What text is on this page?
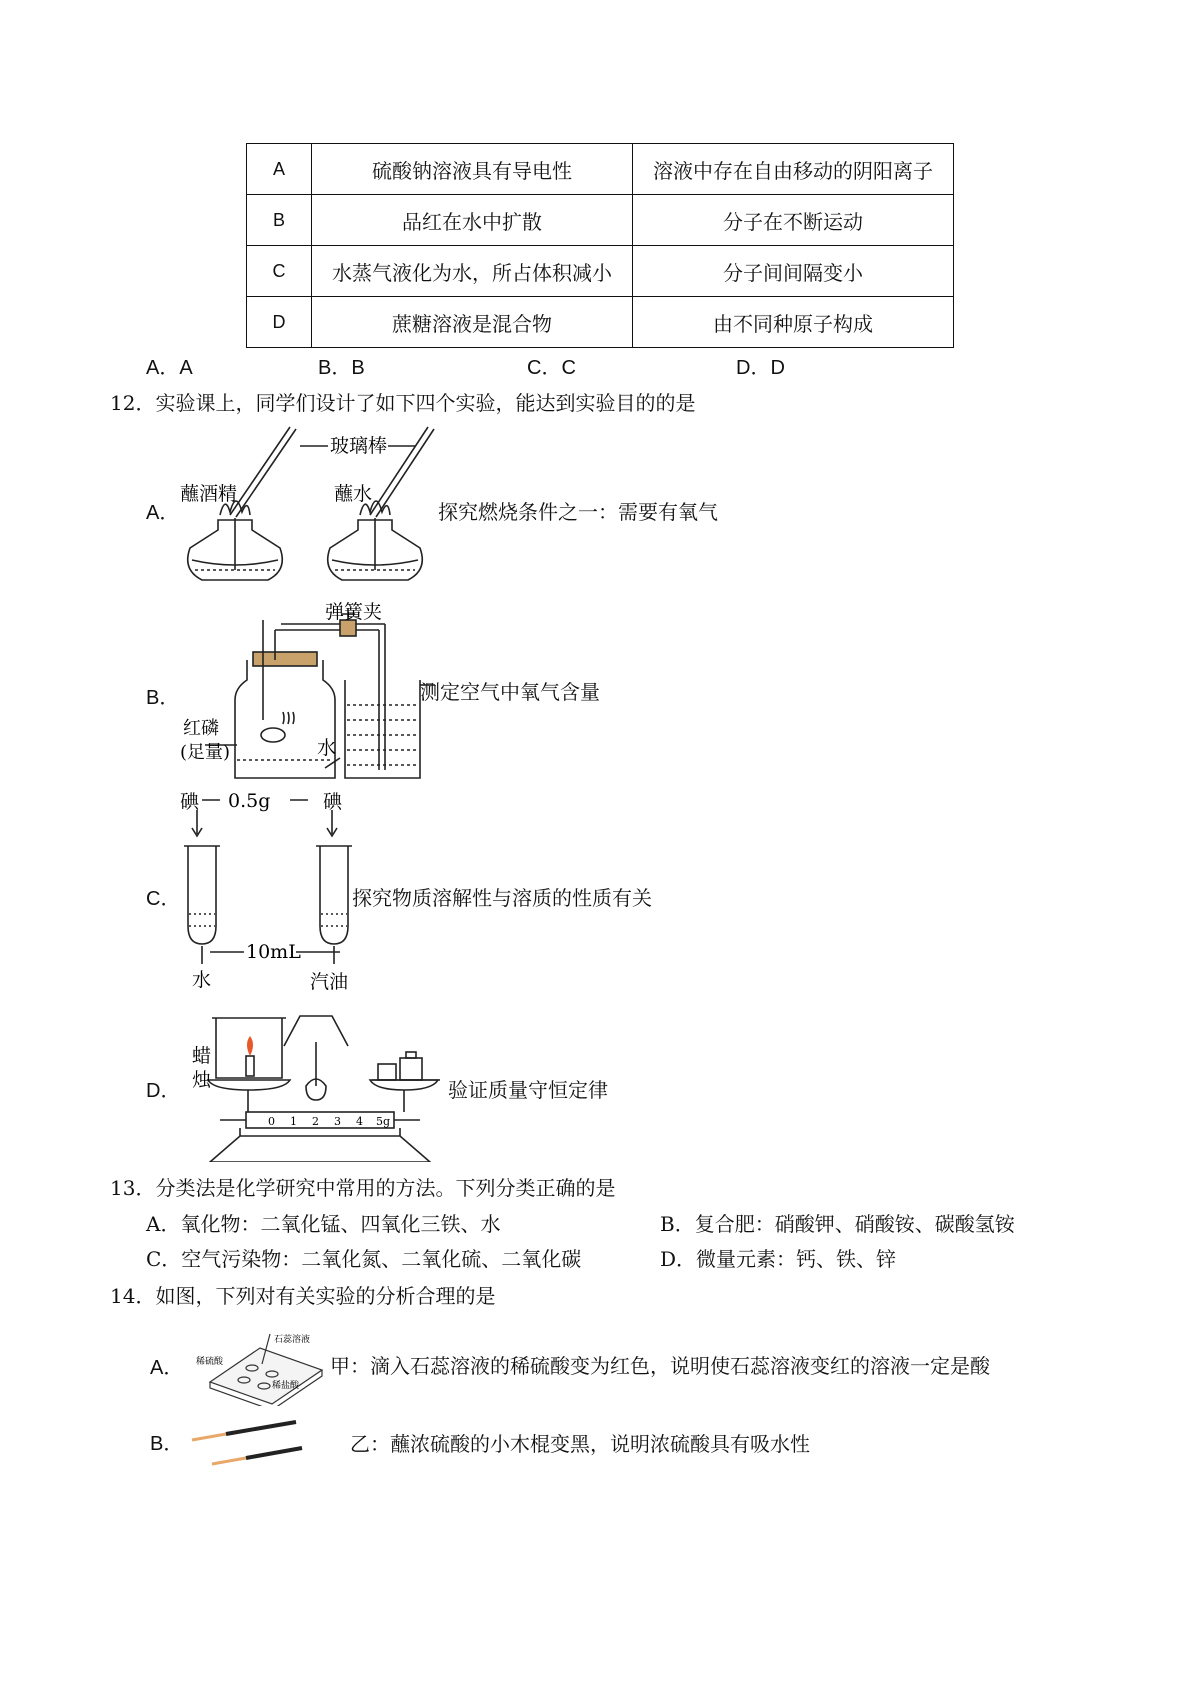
A	硫酸钠溶液具有导电性	溶液中存在自由移动的阴阳离子
B	品红在水中扩散	分子在不断运动
C	水蒸气液化为水，所占体积减小	分子间间隔变小
D	蔗糖溶液是混合物	由不同种原子构成
A．A	B．B	C．C	D．D
12．实验课上，同学们设计了如下四个实验，能达到实验目的的是
A．	探究燃烧条件之一：需要有氧气
玻璃棒
蘸酒精	蘸水
B．	测定空气中氧气含量
弹簧夹
红磷
(足量)	水
C．	探究物质溶解性与溶质的性质有关
碘 0.5g	碘
10mL
水	汽油
D．	验证质量守恒定律
蜡
烛
0 1 2 3 4 5g
13．分类法是化学研究中常用的方法。下列分类正确的是
A．氧化物：二氧化锰、四氧化三铁、水	B．复合肥：硝酸钾、硝酸铵、碳酸氢铵
C．空气污染物：二氧化氮、二氧化硫、二氧化碳	D．微量元素：钙、铁、锌
14．如图，下列对有关实验的分析合理的是
A．
石蕊溶液
稀硫酸
稀盐酸
甲：滴入石蕊溶液的稀硫酸变为红色，说明使石蕊溶液变红的溶液一定是酸
B．	乙：蘸浓硫酸的小木棍变黑，说明浓硫酸具有吸水性
